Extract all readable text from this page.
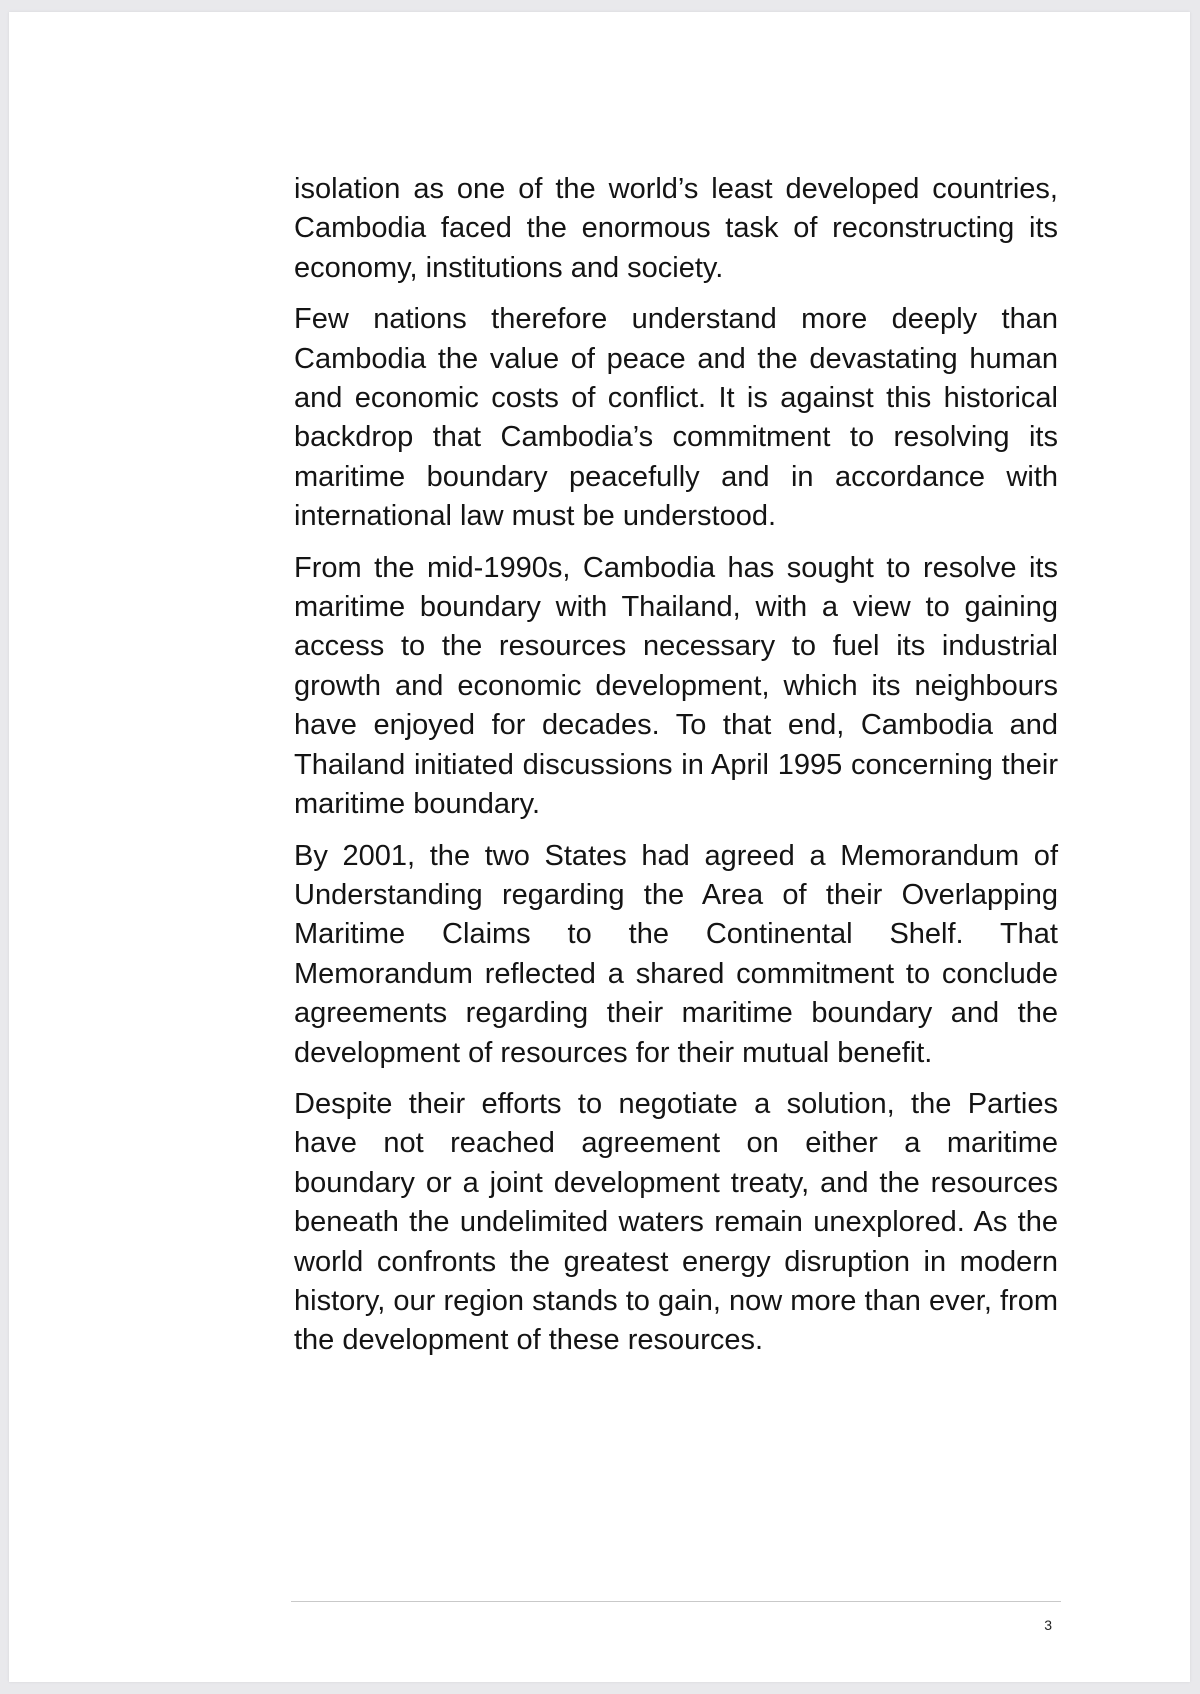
isolation as one of the world’s least developed countries, Cambodia faced the enormous task of reconstructing its economy, institutions and society.

Few nations therefore understand more deeply than Cambodia the value of peace and the devastating human and economic costs of conflict. It is against this historical backdrop that Cambodia’s commitment to resolving its maritime boundary peacefully and in accordance with international law must be understood.

From the mid-1990s, Cambodia has sought to resolve its maritime boundary with Thailand, with a view to gaining access to the resources necessary to fuel its industrial growth and economic development, which its neighbours have enjoyed for decades. To that end, Cambodia and Thailand initiated discussions in April 1995 concerning their maritime boundary.

By 2001, the two States had agreed a Memorandum of Understanding regarding the Area of their Overlapping Maritime Claims to the Continental Shelf. That Memorandum reflected a shared commitment to conclude agreements regarding their maritime boundary and the development of resources for their mutual benefit.

Despite their efforts to negotiate a solution, the Parties have not reached agreement on either a maritime boundary or a joint development treaty, and the resources beneath the undelimited waters remain unexplored. As the world confronts the greatest energy disruption in modern history, our region stands to gain, now more than ever, from the development of these resources.

3
